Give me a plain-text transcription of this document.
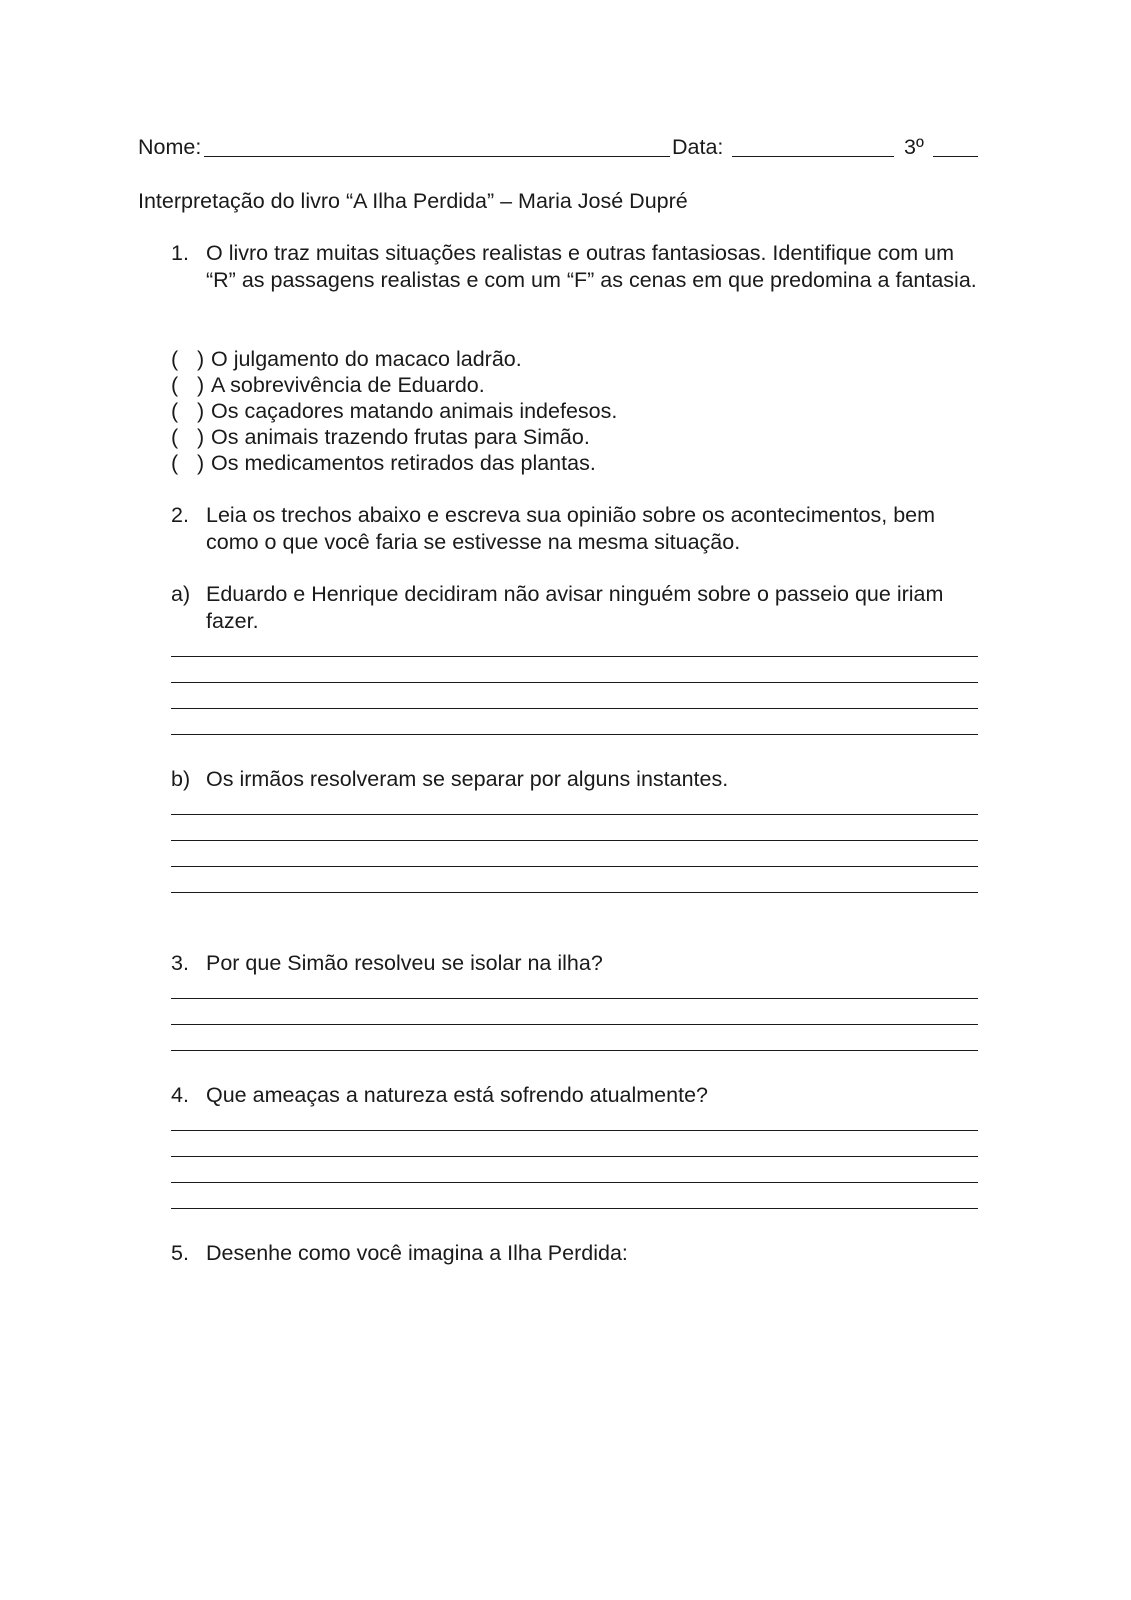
Nome:	Data:	3º
Interpretação do livro “A Ilha Perdida” – Maria José Dupré
1. O livro traz muitas situações realistas e outras fantasiosas. Identifique com um “R” as passagens realistas e com um “F” as cenas em que predomina a fantasia.
( ) O julgamento do macaco ladrão.
( ) A sobrevivência de Eduardo.
( ) Os caçadores matando animais indefesos.
( ) Os animais trazendo frutas para Simão.
( ) Os medicamentos retirados das plantas.
2. Leia os trechos abaixo e escreva sua opinião sobre os acontecimentos, bem como o que você faria se estivesse na mesma situação.
a) Eduardo e Henrique decidiram não avisar ninguém sobre o passeio que iriam fazer.
b) Os irmãos resolveram se separar por alguns instantes.
3. Por que Simão resolveu se isolar na ilha?
4. Que ameaças a natureza está sofrendo atualmente?
5. Desenhe como você imagina a Ilha Perdida:
